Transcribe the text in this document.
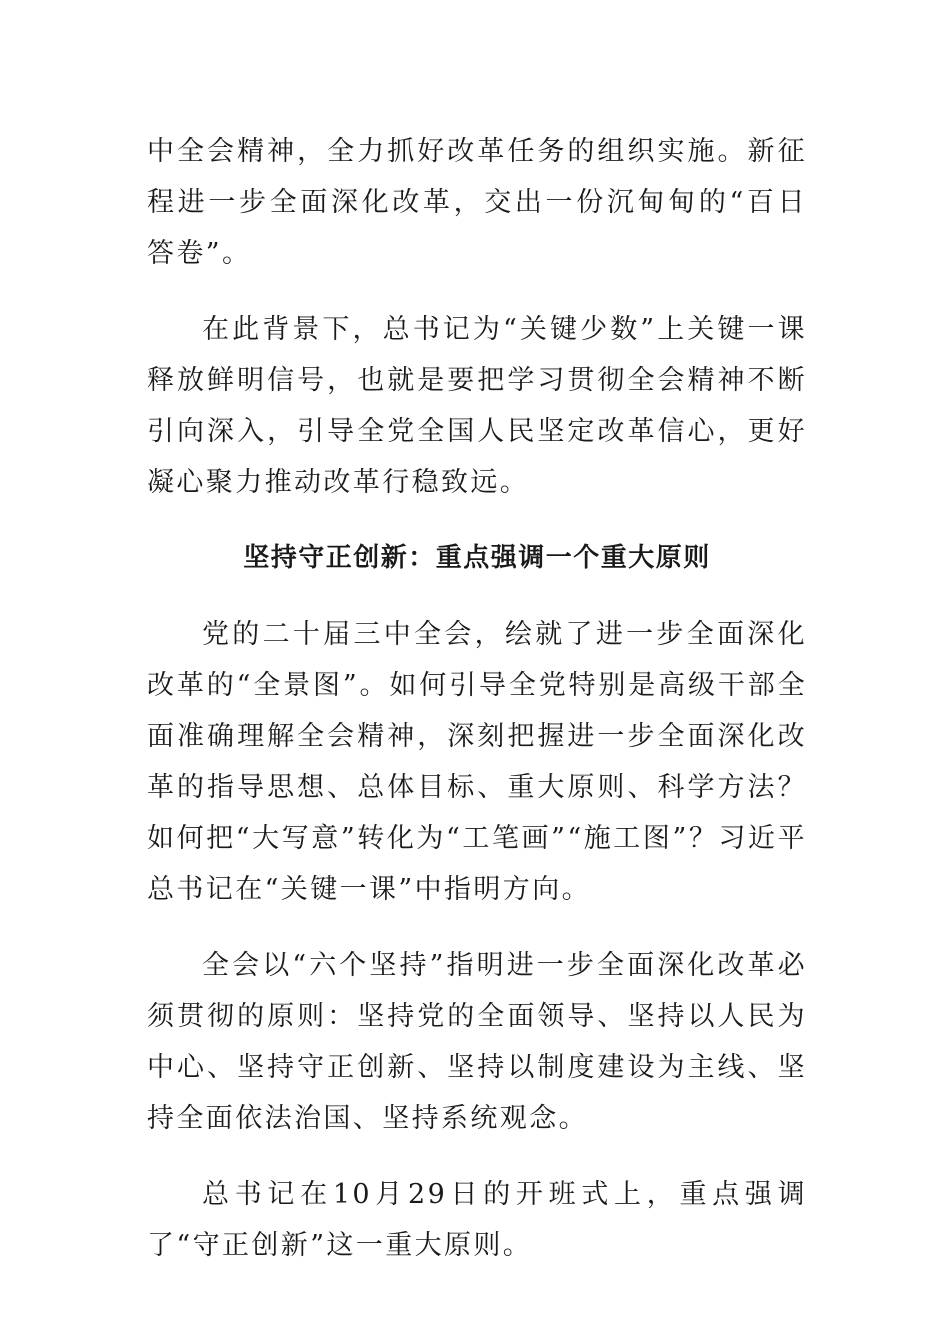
中全会精神，全力抓好改革任务的组织实施。新征程进一步全面深化改革，交出一份沉甸甸的“百日答卷”。

在此背景下，总书记为“关键少数”上关键一课释放鲜明信号，也就是要把学习贯彻全会精神不断引向深入，引导全党全国人民坚定改革信心，更好凝心聚力推动改革行稳致远。

坚持守正创新：重点强调一个重大原则

党的二十届三中全会，绘就了进一步全面深化改革的“全景图”。如何引导全党特别是高级干部全面准确理解全会精神，深刻把握进一步全面深化改革的指导思想、总体目标、重大原则、科学方法？如何把“大写意”转化为“工笔画”“施工图”？习近平总书记在“关键一课”中指明方向。

全会以“六个坚持”指明进一步全面深化改革必须贯彻的原则：坚持党的全面领导、坚持以人民为中心、坚持守正创新、坚持以制度建设为主线、坚持全面依法治国、坚持系统观念。

总书记在10月29日的开班式上，重点强调了“守正创新”这一重大原则。
